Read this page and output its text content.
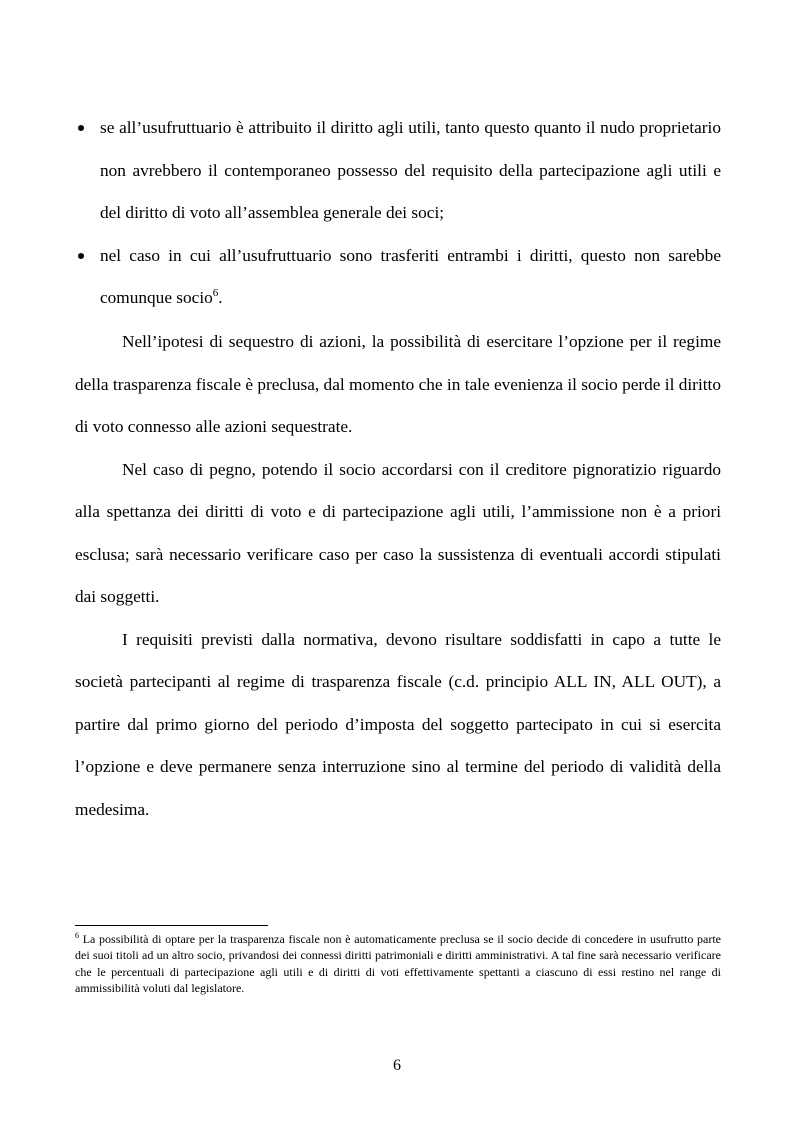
se all’usufruttuario è attribuito il diritto agli utili, tanto questo quanto il nudo proprietario non avrebbero il contemporaneo possesso del requisito della partecipazione agli utili e del diritto di voto all’assemblea generale dei soci;
nel caso in cui all’usufruttuario sono trasferiti entrambi i diritti, questo non sarebbe comunque socio$^6$.

Nell’ipotesi di sequestro di azioni, la possibilità di esercitare l’opzione per il regime della trasparenza fiscale è preclusa, dal momento che in tale evenienza il socio perde il diritto di voto connesso alle azioni sequestrate.

Nel caso di pegno, potendo il socio accordarsi con il creditore pignoratizio riguardo alla spettanza dei diritti di voto e di partecipazione agli utili, l’ammissione non è a priori esclusa; sarà necessario verificare caso per caso la sussistenza di eventuali accordi stipulati dai soggetti.

I requisiti previsti dalla normativa, devono risultare soddisfatti in capo a tutte le società partecipanti al regime di trasparenza fiscale (c.d. principio ALL IN, ALL OUT), a partire dal primo giorno del periodo d’imposta del soggetto partecipato in cui si esercita l’opzione e deve permanere senza interruzione sino al termine del periodo di validità della medesima.

$^6$ La possibilità di optare per la trasparenza fiscale non è automaticamente preclusa se il socio decide di concedere in usufrutto parte dei suoi titoli ad un altro socio, privandosi dei connessi diritti patrimoniali e diritti amministrativi. A tal fine sarà necessario verificare che le percentuali di partecipazione agli utili e di diritti di voti effettivamente spettanti a ciascuno di essi restino nel range di ammissibilità voluti dal legislatore.

6
